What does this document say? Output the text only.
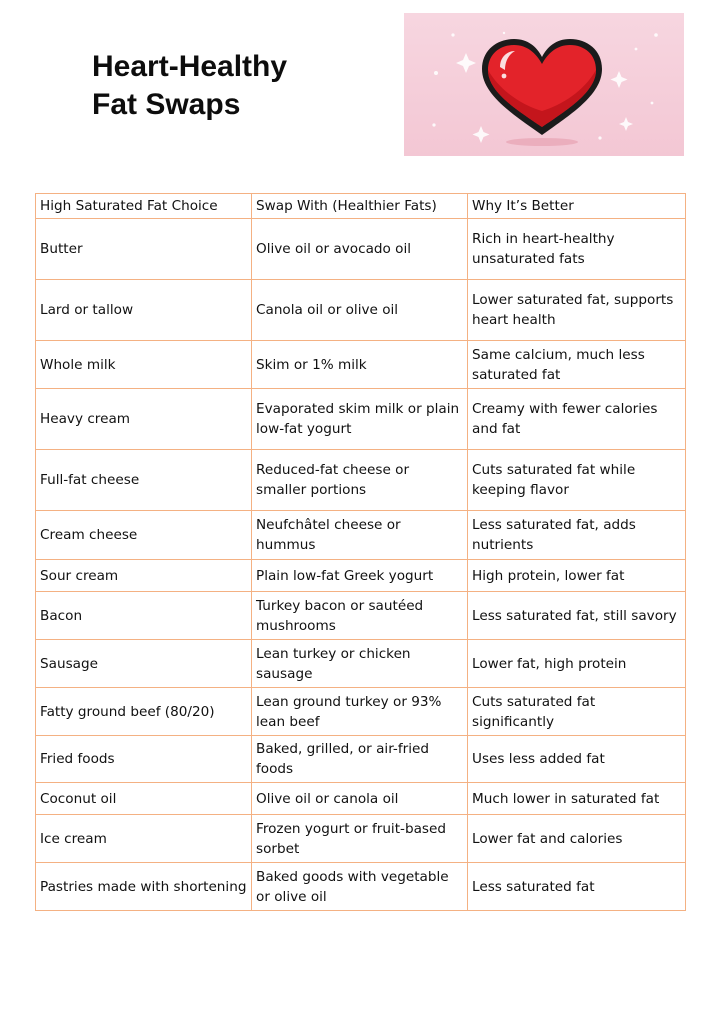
Heart-Healthy
Fat Swaps
High Saturated Fat Choice	Swap With (Healthier Fats)	Why It’s Better
Butter	Olive oil or avocado oil	Rich in heart-healthy unsaturated fats
Lard or tallow	Canola oil or olive oil	Lower saturated fat, supports heart health
Whole milk	Skim or 1% milk	Same calcium, much less saturated fat
Heavy cream	Evaporated skim milk or plain low-fat yogurt	Creamy with fewer calories and fat
Full-fat cheese	Reduced-fat cheese or smaller portions	Cuts saturated fat while keeping flavor
Cream cheese	Neufchâtel cheese or hummus	Less saturated fat, adds nutrients
Sour cream	Plain low-fat Greek yogurt	High protein, lower fat
Bacon	Turkey bacon or sautéed mushrooms	Less saturated fat, still savory
Sausage	Lean turkey or chicken sausage	Lower fat, high protein
Fatty ground beef (80/20)	Lean ground turkey or 93% lean beef	Cuts saturated fat significantly
Fried foods	Baked, grilled, or air-fried foods	Uses less added fat
Coconut oil	Olive oil or canola oil	Much lower in saturated fat
Ice cream	Frozen yogurt or fruit-based sorbet	Lower fat and calories
Pastries made with shortening	Baked goods with vegetable or olive oil	Less saturated fat
